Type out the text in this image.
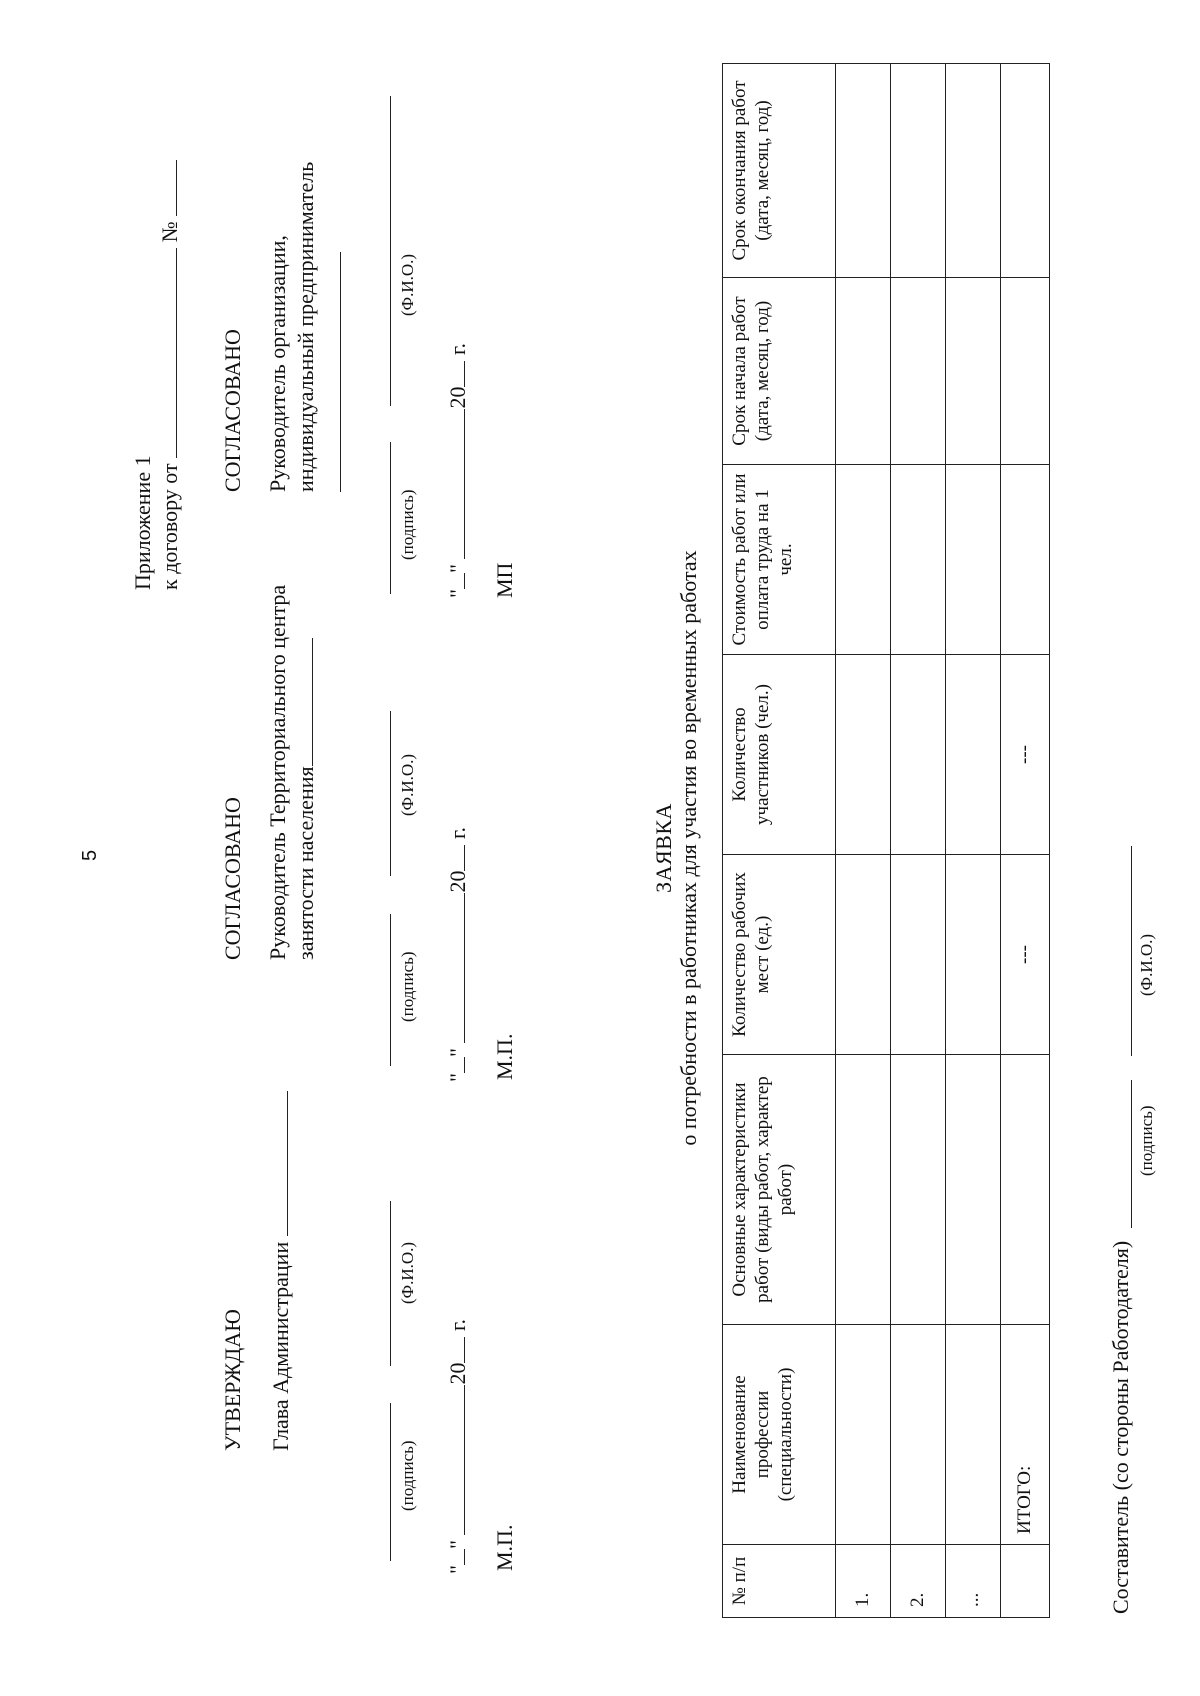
5
Приложение 1 к договору от  №
УТВЕРЖДАЮ Глава Администрации
(подпись)
(Ф.И.О.)
"" 20 г.
М.П.
СОГЛАСОВАНО Руководитель Территориального центра занятости населения
(подпись)
(Ф.И.О.)
"" 20 г.
М.П.
СОГЛАСОВАНО Руководитель организации, индивидуальный предприниматель
(подпись)
(Ф.И.О.)
"" 20 г.
МП
ЗАЯВКА о потребности в работниках для участия во временных работах
№ п/п	Наименование профессии (специальности)	Основные характеристики работ (виды работ, характер работ)	Количество рабочих мест (ед.)	Количество участников (чел.)	Стоимость работ или оплата труда на 1 чел.	Срок начала работ (дата, месяц, год)	Срок окончания работ (дата, месяц, год)
1.							
2.							
...							
	ИТОГО:		---	---			
Составитель (со стороны Работодателя)
(подпись)
(Ф.И.О.)
